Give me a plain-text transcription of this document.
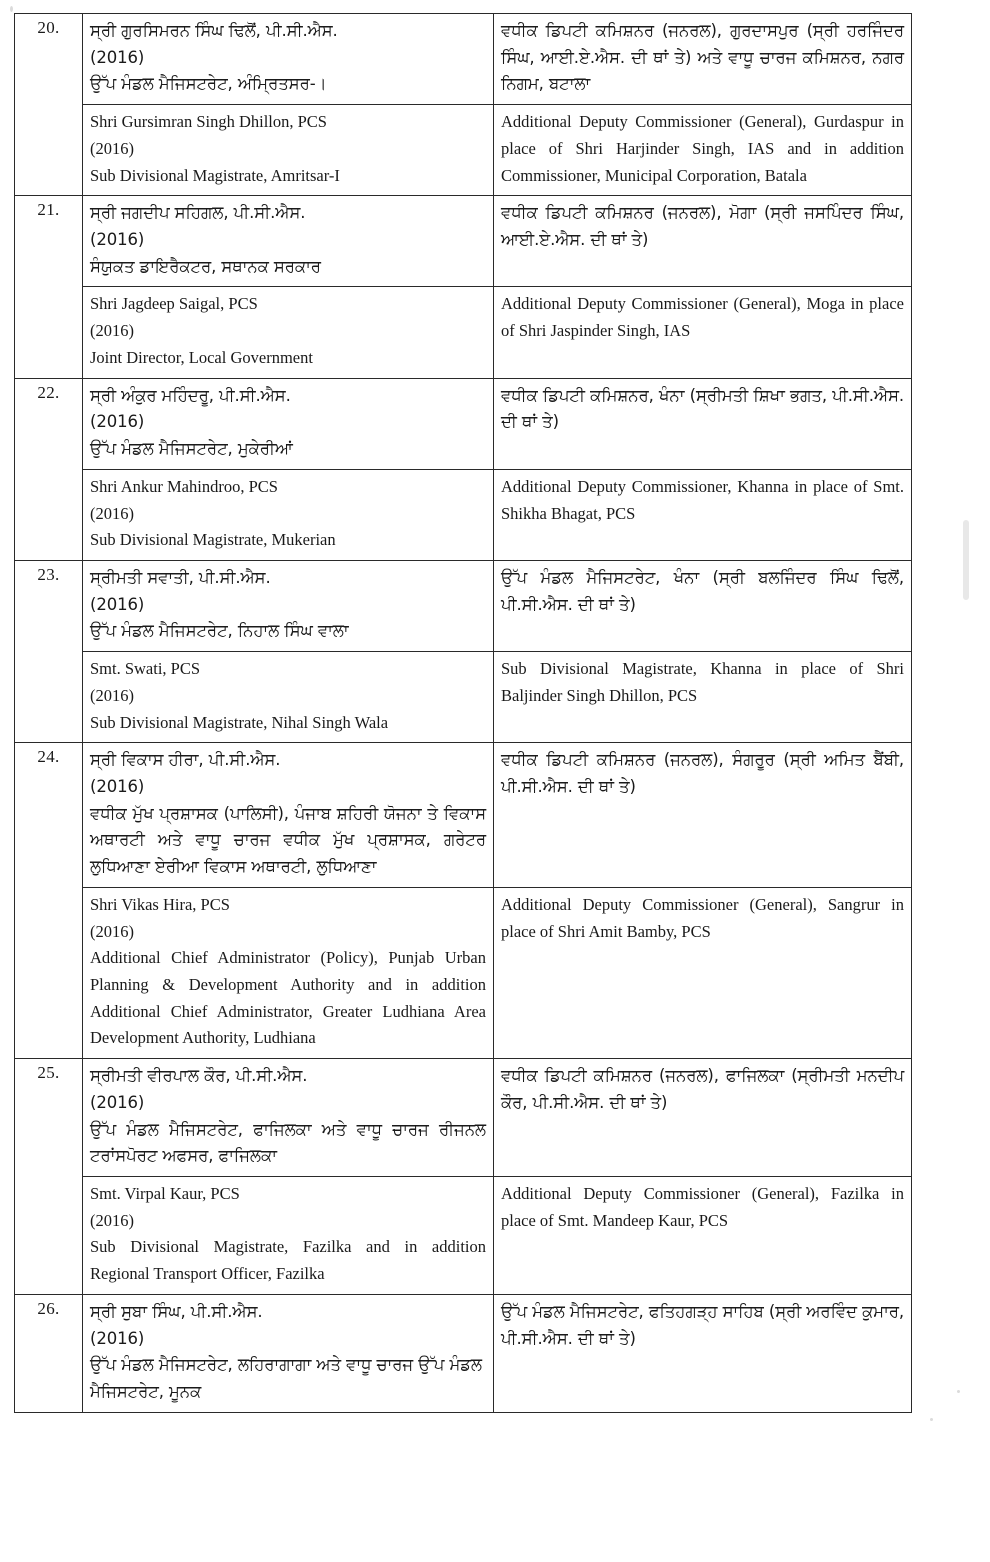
20.	ਸ੍ਰੀ ਗੁਰਸਿਮਰਨ ਸਿੰਘ ਢਿਲੋਂ, ਪੀ.ਸੀ.ਐਸ.
(2016)
ਉੱਪ ਮੰਡਲ ਮੈਜਿਸਟਰੇਟ, ਅੰਮ੍ਰਿਤਸਰ-।	ਵਧੀਕ ਡਿਪਟੀ ਕਮਿਸ਼ਨਰ (ਜਨਰਲ), ਗੁਰਦਾਸਪੁਰ (ਸ੍ਰੀ ਹਰਜਿੰਦਰ ਸਿੰਘ, ਆਈ.ਏ.ਐਸ. ਦੀ ਥਾਂ ਤੇ) ਅਤੇ ਵਾਧੂ ਚਾਰਜ ਕਮਿਸ਼ਨਰ, ਨਗਰ ਨਿਗਮ, ਬਟਾਲਾ

	Shri Gursimran Singh Dhillon, PCS
(2016)
Sub Divisional Magistrate, Amritsar-I	Additional Deputy Commissioner (General), Gurdaspur in place of Shri Harjinder Singh, IAS and in addition Commissioner, Municipal Corporation, Batala
21.	ਸ੍ਰੀ ਜਗਦੀਪ ਸਹਿਗਲ, ਪੀ.ਸੀ.ਐਸ.
(2016)
ਸੰਯੁਕਤ ਡਾਇਰੈਕਟਰ, ਸਥਾਨਕ ਸਰਕਾਰ	ਵਧੀਕ ਡਿਪਟੀ ਕਮਿਸ਼ਨਰ (ਜਨਰਲ), ਮੋਗਾ (ਸ੍ਰੀ ਜਸਪਿੰਦਰ ਸਿੰਘ, ਆਈ.ਏ.ਐਸ. ਦੀ ਥਾਂ ਤੇ)

	Shri Jagdeep Saigal, PCS
(2016)
Joint Director, Local Government	Additional Deputy Commissioner (General), Moga in place of Shri Jaspinder Singh, IAS
22.	ਸ੍ਰੀ ਅੰਕੁਰ ਮਹਿੰਦਰੂ, ਪੀ.ਸੀ.ਐਸ.
(2016)
ਉੱਪ ਮੰਡਲ ਮੈਜਿਸਟਰੇਟ, ਮੁਕੇਰੀਆਂ	ਵਧੀਕ ਡਿਪਟੀ ਕਮਿਸ਼ਨਰ, ਖੰਨਾ (ਸ੍ਰੀਮਤੀ ਸ਼ਿਖਾ ਭਗਤ, ਪੀ.ਸੀ.ਐਸ. ਦੀ ਥਾਂ ਤੇ)

	Shri Ankur Mahindroo, PCS
(2016)
Sub Divisional Magistrate, Mukerian	Additional Deputy Commissioner, Khanna in place of Smt. Shikha Bhagat, PCS
23.	ਸ੍ਰੀਮਤੀ ਸਵਾਤੀ, ਪੀ.ਸੀ.ਐਸ.
(2016)
ਉੱਪ ਮੰਡਲ ਮੈਜਿਸਟਰੇਟ, ਨਿਹਾਲ ਸਿੰਘ ਵਾਲਾ	ਉੱਪ ਮੰਡਲ ਮੈਜਿਸਟਰੇਟ, ਖੰਨਾ (ਸ੍ਰੀ ਬਲਜਿੰਦਰ ਸਿੰਘ ਢਿਲੋਂ, ਪੀ.ਸੀ.ਐਸ. ਦੀ ਥਾਂ ਤੇ)

	Smt. Swati, PCS
(2016)
Sub Divisional Magistrate, Nihal Singh Wala	Sub Divisional Magistrate, Khanna in place of Shri Baljinder Singh Dhillon, PCS
24.	ਸ੍ਰੀ ਵਿਕਾਸ ਹੀਰਾ, ਪੀ.ਸੀ.ਐਸ.
(2016)
ਵਧੀਕ ਮੁੱਖ ਪ੍ਰਸ਼ਾਸਕ (ਪਾਲਿਸੀ), ਪੰਜਾਬ ਸ਼ਹਿਰੀ ਯੋਜਨਾ ਤੇ ਵਿਕਾਸ ਅਥਾਰਟੀ ਅਤੇ ਵਾਧੂ ਚਾਰਜ ਵਧੀਕ ਮੁੱਖ ਪ੍ਰਸ਼ਾਸਕ, ਗਰੇਟਰ ਲੁਧਿਆਣਾ ਏਰੀਆ ਵਿਕਾਸ ਅਥਾਰਟੀ, ਲੁਧਿਆਣਾ	ਵਧੀਕ ਡਿਪਟੀ ਕਮਿਸ਼ਨਰ (ਜਨਰਲ), ਸੰਗਰੂਰ (ਸ੍ਰੀ ਅਮਿਤ ਬੈਂਬੀ, ਪੀ.ਸੀ.ਐਸ. ਦੀ ਥਾਂ ਤੇ)

	Shri Vikas Hira, PCS
(2016)
Additional Chief Administrator (Policy), Punjab Urban Planning & Development Authority and in addition Additional Chief Administrator, Greater Ludhiana Area Development Authority, Ludhiana	Additional Deputy Commissioner (General), Sangrur in place of Shri Amit Bamby, PCS
25.	ਸ੍ਰੀਮਤੀ ਵੀਰਪਾਲ ਕੌਰ, ਪੀ.ਸੀ.ਐਸ.
(2016)
ਉੱਪ ਮੰਡਲ ਮੈਜਿਸਟਰੇਟ, ਫਾਜਿਲਕਾ ਅਤੇ ਵਾਧੂ ਚਾਰਜ ਰੀਜਨਲ ਟਰਾਂਸਪੋਰਟ ਅਫਸਰ, ਫਾਜਿਲਕਾ	ਵਧੀਕ ਡਿਪਟੀ ਕਮਿਸ਼ਨਰ (ਜਨਰਲ), ਫਾਜਿਲਕਾ (ਸ੍ਰੀਮਤੀ ਮਨਦੀਪ ਕੌਰ, ਪੀ.ਸੀ.ਐਸ. ਦੀ ਥਾਂ ਤੇ)

	Smt. Virpal Kaur, PCS
(2016)
Sub Divisional Magistrate, Fazilka and in addition Regional Transport Officer, Fazilka	Additional Deputy Commissioner (General), Fazilka in place of Smt. Mandeep Kaur, PCS
26.	ਸ੍ਰੀ ਸੁਬਾ ਸਿੰਘ, ਪੀ.ਸੀ.ਐਸ.
(2016)
ਉੱਪ ਮੰਡਲ ਮੈਜਿਸਟਰੇਟ, ਲਹਿਰਾਗਾਗਾ ਅਤੇ ਵਾਧੂ ਚਾਰਜ ਉੱਪ ਮੰਡਲ ਮੈਜਿਸਟਰੇਟ, ਮੂਨਕ	ਉੱਪ ਮੰਡਲ ਮੈਜਿਸਟਰੇਟ, ਫਤਿਹਗੜ੍ਹ ਸਾਹਿਬ (ਸ੍ਰੀ ਅਰਵਿੰਦ ਕੁਮਾਰ, ਪੀ.ਸੀ.ਐਸ. ਦੀ ਥਾਂ ਤੇ)
